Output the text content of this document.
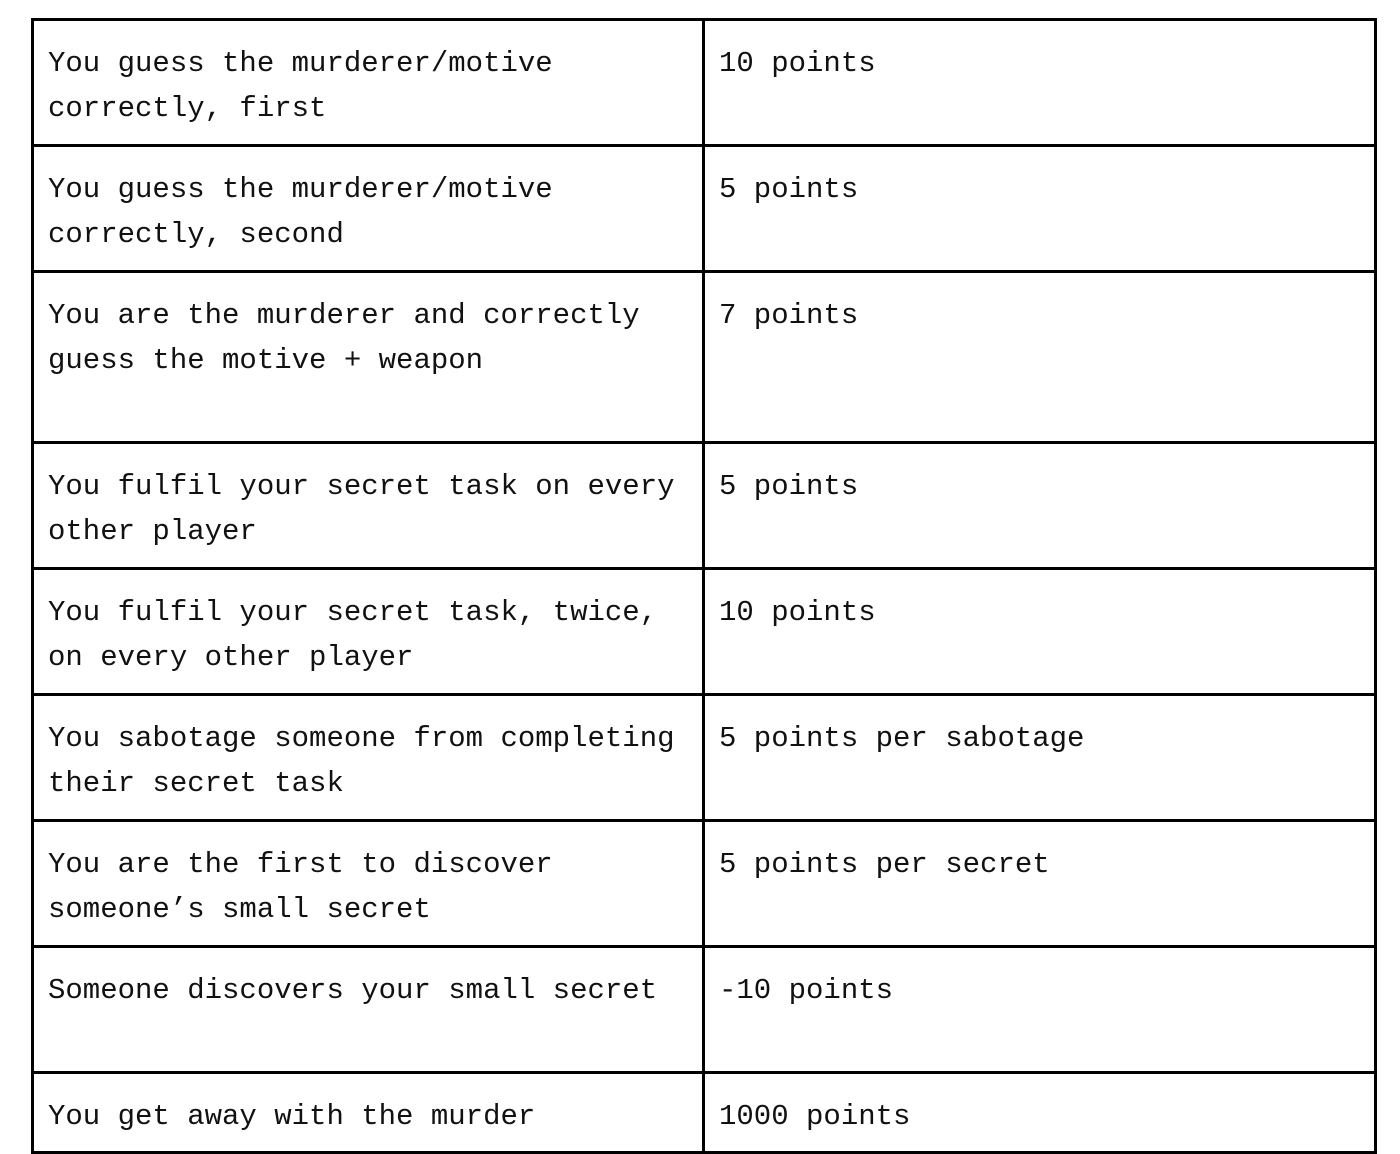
You guess the murderer/motive correctly, first	10 points
You guess the murderer/motive correctly, second	5 points
You are the murderer and correctly guess the motive + weapon	7 points
You fulfil your secret task on every other player	5 points
You fulfil your secret task, twice, on every other player	10 points
You sabotage someone from completing their secret task	5 points per sabotage
You are the first to discover someone’s small secret	5 points per secret
Someone discovers your small secret	-10 points
You get away with the murder	1000 points
